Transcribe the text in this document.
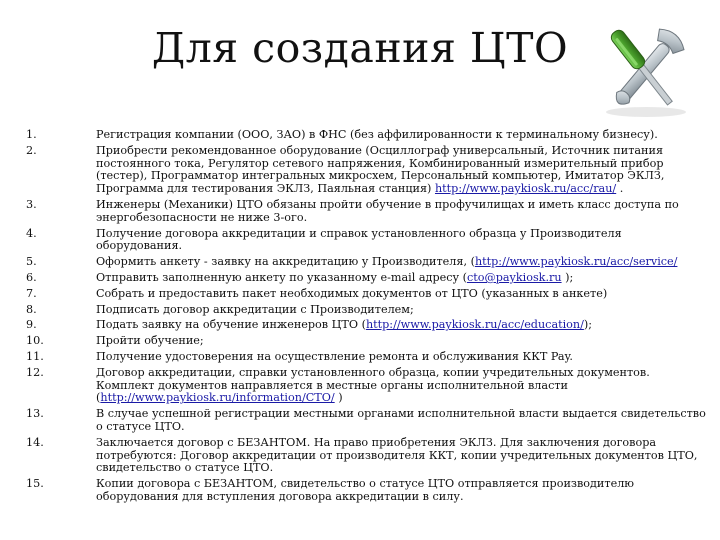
Для создания ЦТО
1.	Регистрация компании (ООО, ЗАО) в ФНС (без аффилированности к терминальному бизнесу).
2.	Приобрести рекомендованное оборудование (Осциллограф универсальный, Источник питания постоянного тока, Регулятор сетевого напряжения, Комбинированный измерительный прибор (тестер), Программатор интегральных микросхем, Персональный компьютер, Имитатор ЭКЛЗ, Программа для тестирования ЭКЛЗ, Паяльная станция) http://www.paykiosk.ru/acc/rau/ .
3.	Инженеры (Механики) ЦТО обязаны пройти обучение в профучилищах и иметь класс доступа по энергобезопасности не ниже 3-ого.
4.	Получение договора аккредитации и справок установленного образца у Производителя оборудования.
5.	Оформить анкету - заявку на аккредитацию у Производителя, (http://www.paykiosk.ru/acc/service/
6.	Отправить заполненную анкету по указанному e-mail адресу (cto@paykiosk.ru );
7.	Собрать и предоставить пакет необходимых документов от ЦТО (указанных в анкете)
8.	Подписать договор аккредитации с Производителем;
9.	Подать заявку на обучение инженеров ЦТО (http://www.paykiosk.ru/acc/education/);
10.	Пройти обучение;
11.	Получение удостоверения на осуществление ремонта и обслуживания ККТ Pay.
12.	Договор аккредитации, справки установленного образца, копии учредительных документов. Комплект документов направляется в местные органы исполнительной власти (http://www.paykiosk.ru/information/CTO/ )
13.	В случае успешной регистрации местными органами исполнительной власти выдается свидетельство о статусе ЦТО.
14.	Заключается договор с БЕЗАНТОМ. На право приобретения ЭКЛЗ. Для заключения договора потребуются: Договор аккредитации от производителя ККТ, копии учредительных документов ЦТО, свидетельство о статусе ЦТО.
15.	Копии договора с БЕЗАНТОМ, свидетельство о статусе ЦТО отправляется производителю оборудования для вступления договора аккредитации в силу.
